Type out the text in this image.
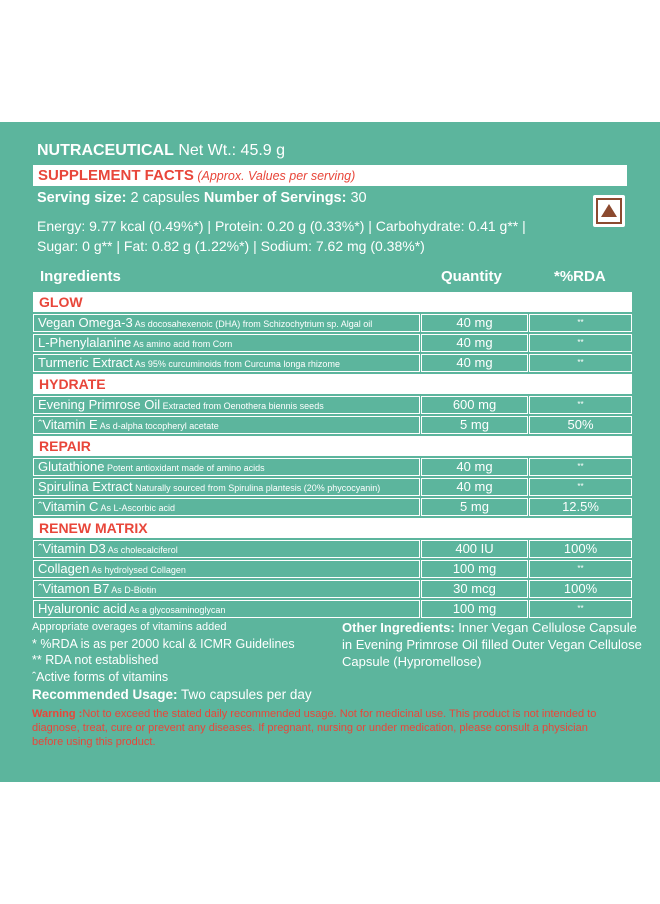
NUTRACEUTICAL Net Wt.: 45.9 g
SUPPLEMENT FACTS (Approx. Values per serving)
Serving size: 2 capsules Number of Servings: 30
Energy: 9.77 kcal (0.49%*) | Protein: 0.20 g (0.33%*) | Carbohydrate: 0.41 g** |
Sugar: 0 g** | Fat: 0.82 g (1.22%*) | Sodium: 7.62 mg (0.38%*)
Ingredients	Quantity	*%RDA
GLOW
Vegan Omega-3 As docosahexenoic (DHA) from Schizochytrium sp. Algal oil	40 mg	**
L-Phenylalanine As amino acid from Corn	40 mg	**
Turmeric Extract As 95% curcuminoids from Curcuma longa rhizome	40 mg	**
HYDRATE
Evening Primrose Oil Extracted from Oenothera biennis seeds	600 mg	**
ˆVitamin E As d-alpha tocopheryl acetate	5 mg	50%
REPAIR
Glutathione Potent antioxidant made of amino acids	40 mg	**
Spirulina Extract Naturally sourced from Spirulina plantesis (20% phycocyanin)	40 mg	**
ˆVitamin C As L-Ascorbic acid	5 mg	12.5%
RENEW MATRIX
ˆVitamin D3 As cholecalciferol	400 IU	100%
Collagen As hydrolysed Collagen	100 mg	**
ˆVitamon B7 As D-Biotin	30 mcg	100%
Hyaluronic acid As a glycosaminoglycan	100 mg	**
Appropriate overages of vitamins added
* %RDA is as per 2000 kcal & ICMR Guidelines
** RDA not established
ˆActive forms of vitamins
Other Ingredients: Inner Vegan Cellulose Capsule in Evening Primrose Oil filled Outer Vegan Cellulose Capsule (Hypromellose)
Recommended Usage: Two capsules per day
Warning :Not to exceed the stated daily recommended usage. Not for medicinal use. This product is not intended to diagnose, treat, cure or prevent any diseases. If pregnant, nursing or under medication, please consult a physician before using this product.
